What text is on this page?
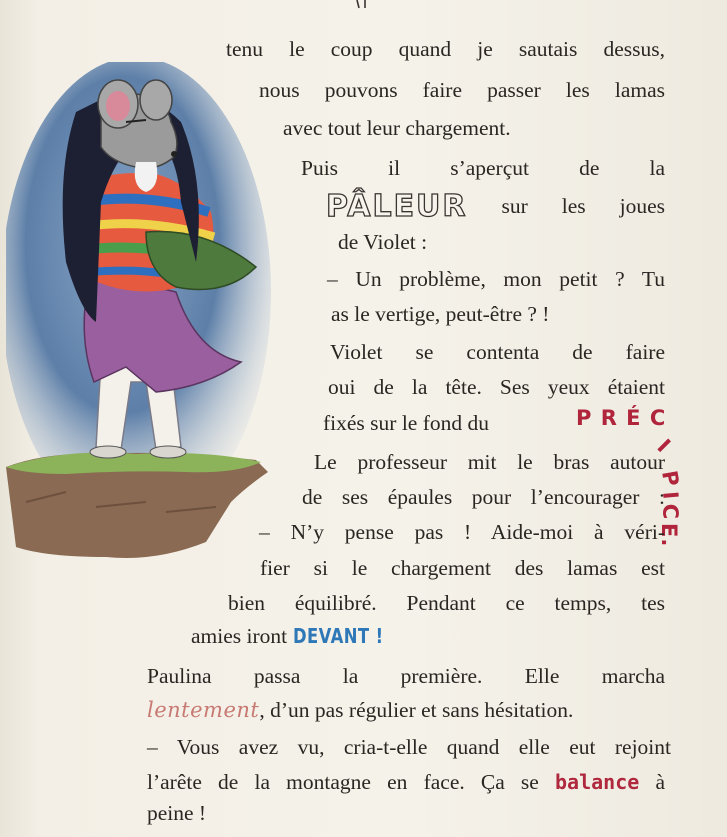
tenu le coup quand je sautais dessus,
nous pouvons faire passer les lamas
avec tout leur chargement.
Puis il s’aperçut de la
PÂLEUR sur les joues
de Violet :
– Un problème, mon petit ? Tu
as le vertige, peut-être ? !
Violet se contenta de faire
oui de la tête. Ses yeux étaient
fixés sur le fond du	P R É C
I
P
I
C
E.
Le professeur mit le bras autour
de ses épaules pour l’encourager :
– N’y pense pas ! Aide-moi à véri-
fier si le chargement des lamas est
bien équilibré. Pendant ce temps, tes
amies iront DEVANT !
Paulina passa la première. Elle marcha
lentement, d’un pas régulier et sans hésitation.
– Vous avez vu, cria-t-elle quand elle eut rejoint
l’arête de la montagne en face. Ça se balance à
peine !
